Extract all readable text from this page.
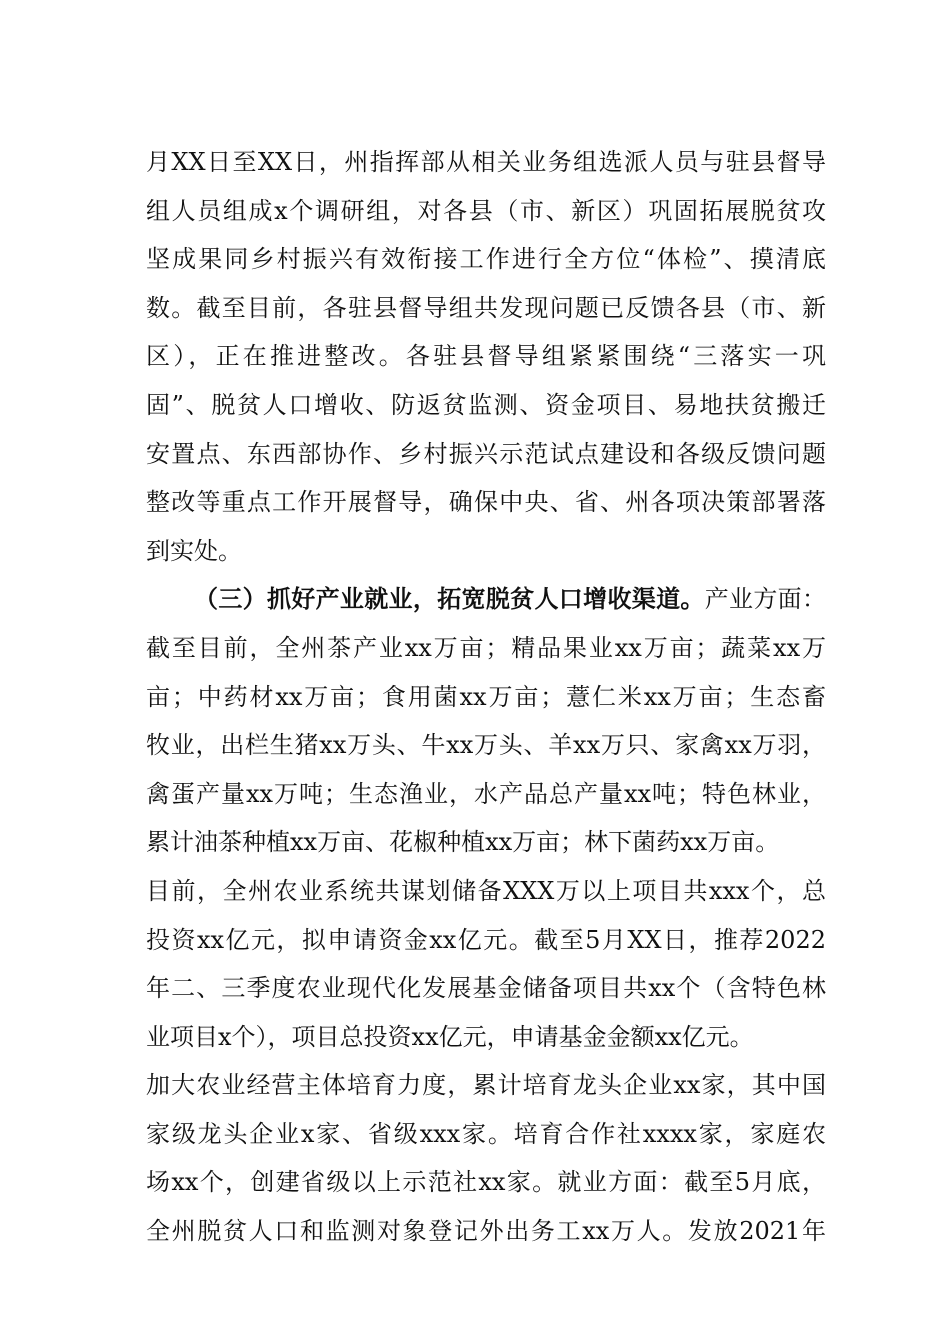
月XX日至XX日，州指挥部从相关业务组选派人员与驻县督导
组人员组成x个调研组，对各县（市、新区）巩固拓展脱贫攻
坚成果同乡村振兴有效衔接工作进行全方位“体检”、摸清底
数。截至目前，各驻县督导组共发现问题已反馈各县（市、新
区），正在推进整改。各驻县督导组紧紧围绕“三落实一巩
固”、脱贫人口增收、防返贫监测、资金项目、易地扶贫搬迁
安置点、东西部协作、乡村振兴示范试点建设和各级反馈问题
整改等重点工作开展督导，确保中央、省、州各项决策部署落
到实处。
（三）抓好产业就业，拓宽脱贫人口增收渠道。产业方面：
截至目前，全州茶产业xx万亩；精品果业xx万亩；蔬菜xx万
亩；中药材xx万亩；食用菌xx万亩；薏仁米xx万亩；生态畜
牧业，出栏生猪xx万头、牛xx万头、羊xx万只、家禽xx万羽，
禽蛋产量xx万吨；生态渔业，水产品总产量xx吨；特色林业，
累计油茶种植xx万亩、花椒种植xx万亩；林下菌药xx万亩。
目前，全州农业系统共谋划储备XXX万以上项目共xxx个，总
投资xx亿元，拟申请资金xx亿元。截至5月XX日，推荐2022
年二、三季度农业现代化发展基金储备项目共xx个（含特色林
业项目x个），项目总投资xx亿元，申请基金金额xx亿元。
加大农业经营主体培育力度，累计培育龙头企业xx家，其中国
家级龙头企业x家、省级xxx家。培育合作社xxxx家，家庭农
场xx个，创建省级以上示范社xx家。就业方面：截至5月底，
全州脱贫人口和监测对象登记外出务工xx万人。发放2021年
